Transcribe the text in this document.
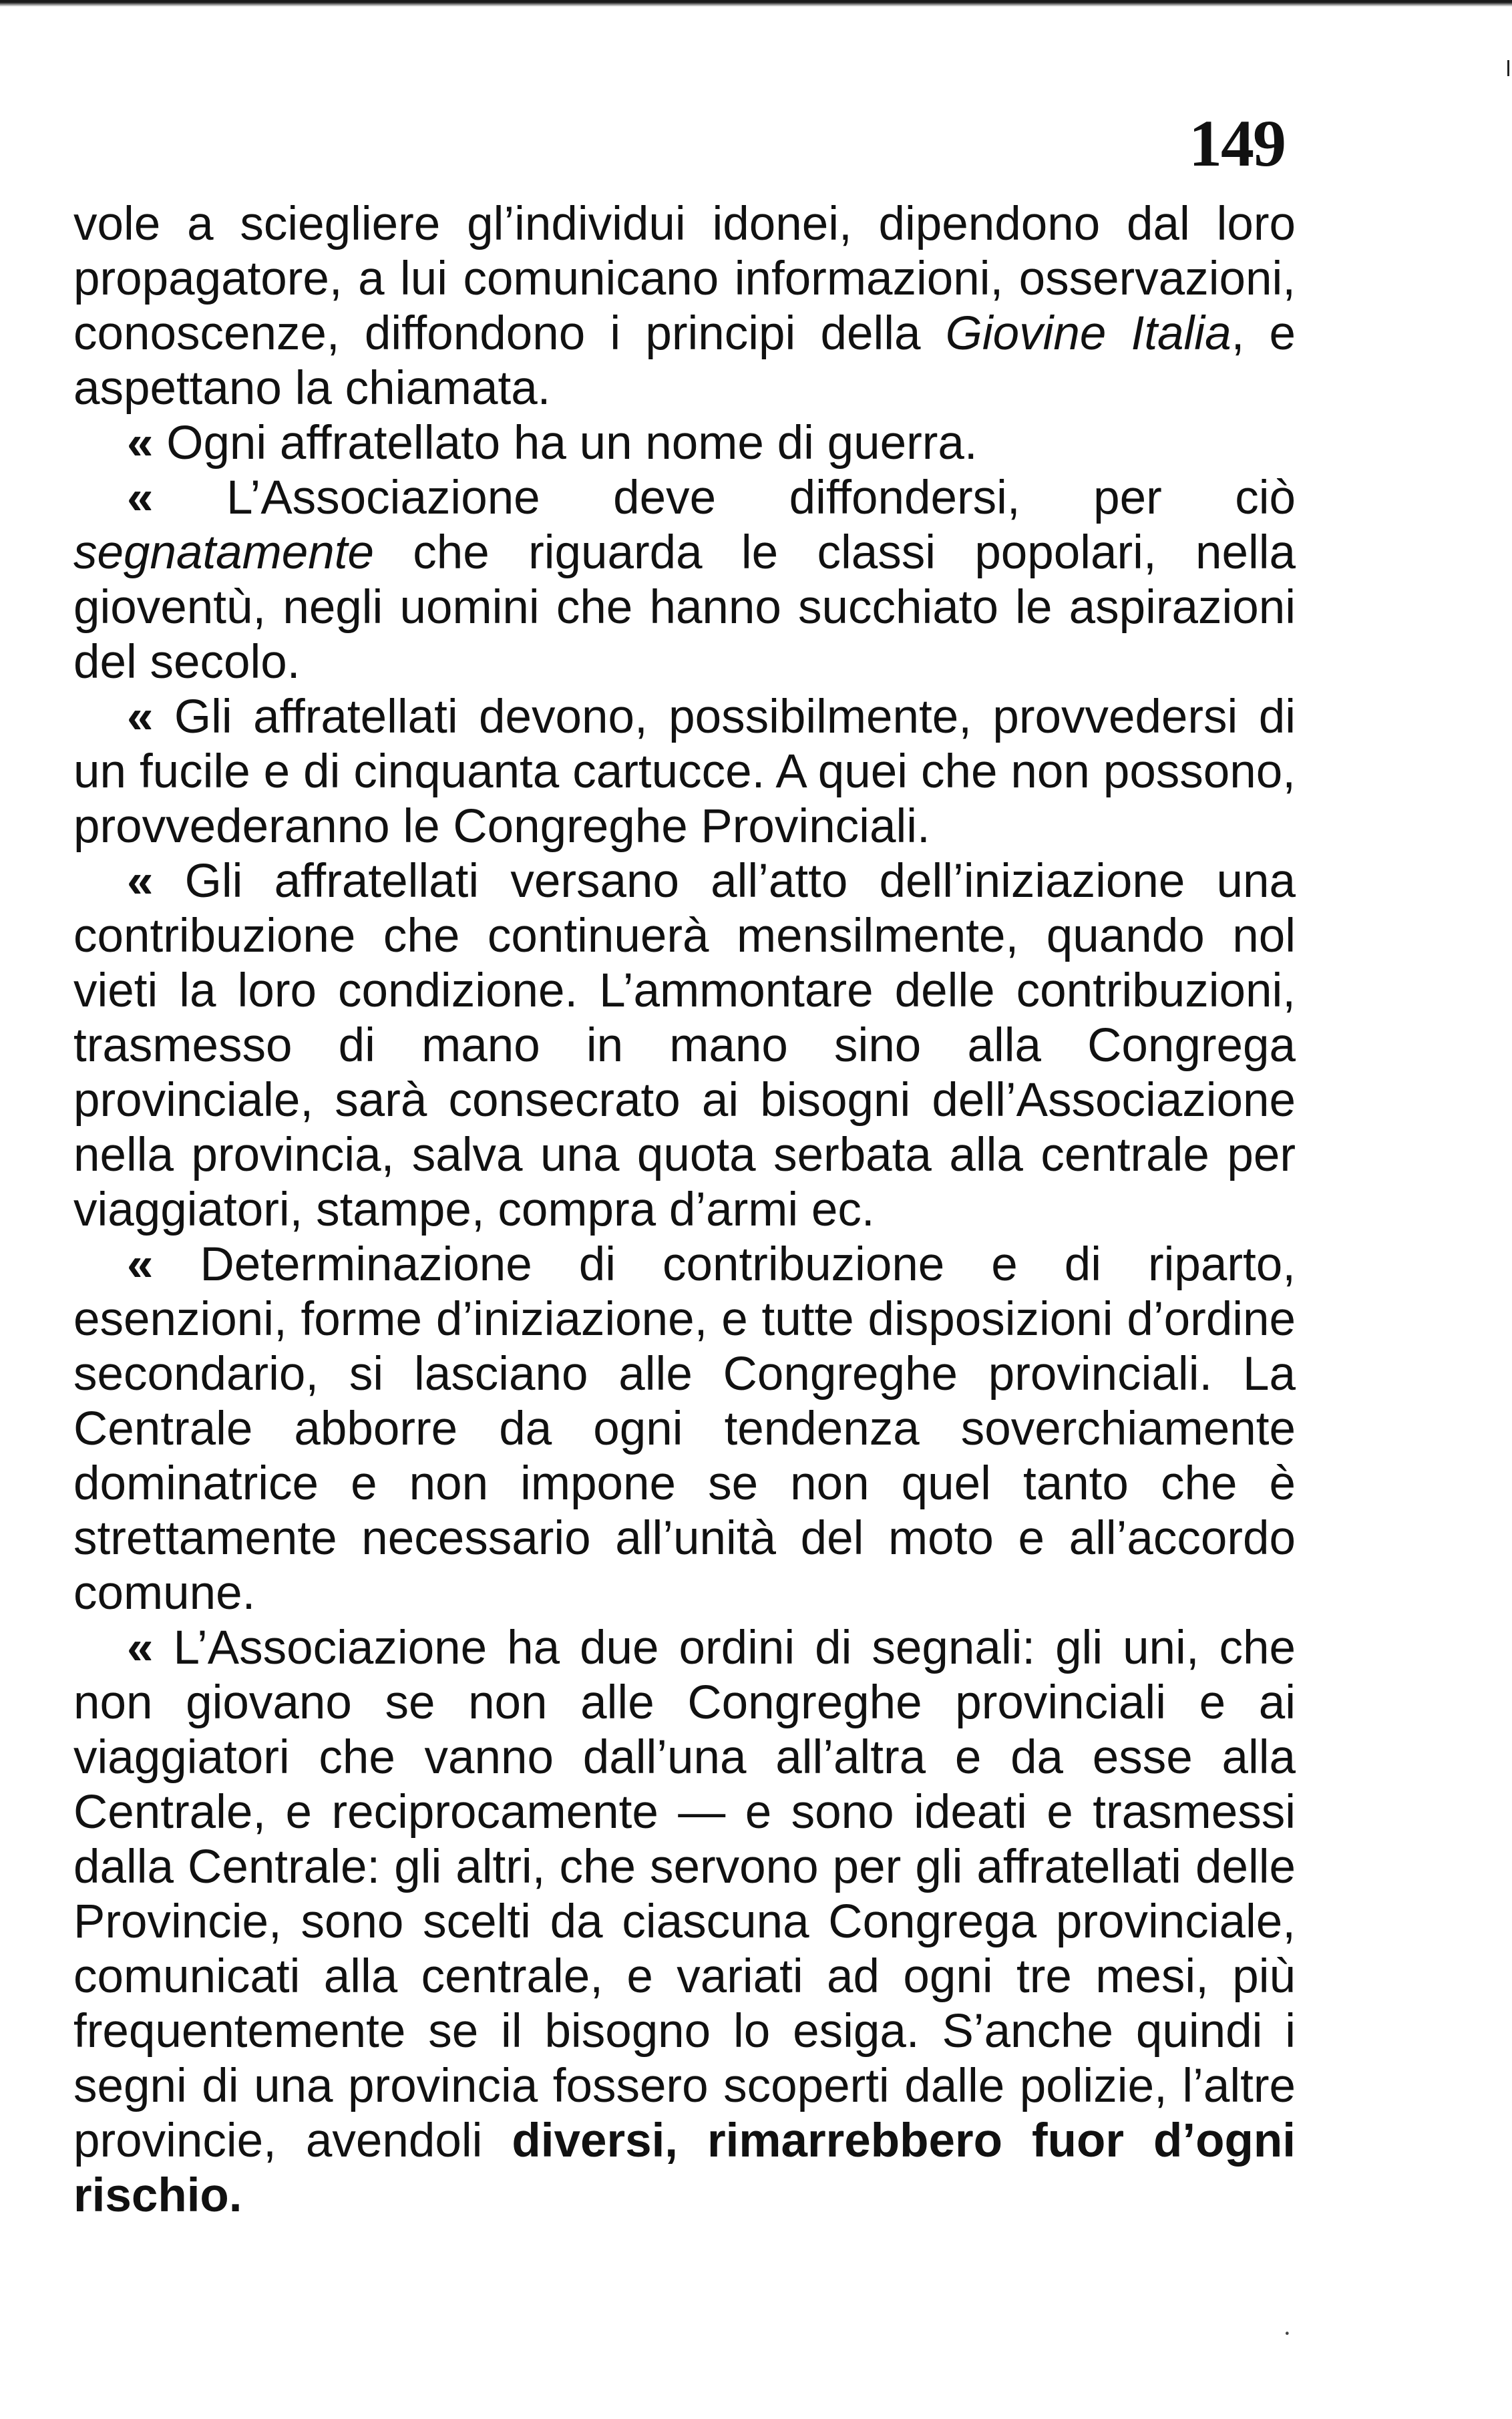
149

vole a sciegliere gl’individui idonei, dipendono dal loro propagatore, a lui comunicano informazioni, osservazioni, conoscenze, diffondono i principi della Giovine Italia, e aspettano la chiamata.

« Ogni affratellato ha un nome di guerra.

« L’Associazione deve diffondersi, per ciò segnatamente che riguarda le classi popolari, nella gioventù, negli uomini che hanno succhiato le aspirazioni del secolo.

« Gli affratellati devono, possibilmente, provvedersi di un fucile e di cinquanta cartucce. A quei che non possono, provvederanno le Congreghe Provinciali.

« Gli affratellati versano all’atto dell’iniziazione una contribuzione che continuerà mensilmente, quando nol vieti la loro condizione. L’ammontare delle contribuzioni, trasmesso di mano in mano sino alla Congrega provinciale, sarà consecrato ai bisogni dell’Associazione nella provincia, salva una quota serbata alla centrale per viaggiatori, stampe, compra d’armi ec.

« Determinazione di contribuzione e di riparto, esenzioni, forme d’iniziazione, e tutte disposizioni d’ordine secondario, si lasciano alle Congreghe provinciali. La Centrale abborre da ogni tendenza soverchiamente dominatrice e non impone se non quel tanto che è strettamente necessario all’unità del moto e all’accordo comune.

« L’Associazione ha due ordini di segnali: gli uni, che non giovano se non alle Congreghe provinciali e ai viaggiatori che vanno dall’una all’altra e da esse alla Centrale, e reciprocamente — e sono ideati e trasmessi dalla Centrale: gli altri, che servono per gli affratellati delle Provincie, sono scelti da ciascuna Congrega provinciale, comunicati alla centrale, e variati ad ogni tre mesi, più frequentemente se il bisogno lo esiga. S’anche quindi i segni di una provincia fossero scoperti dalle polizie, l’altre provincie, avendoli diversi, rimarrebbero fuor d’ogni rischio.

·
